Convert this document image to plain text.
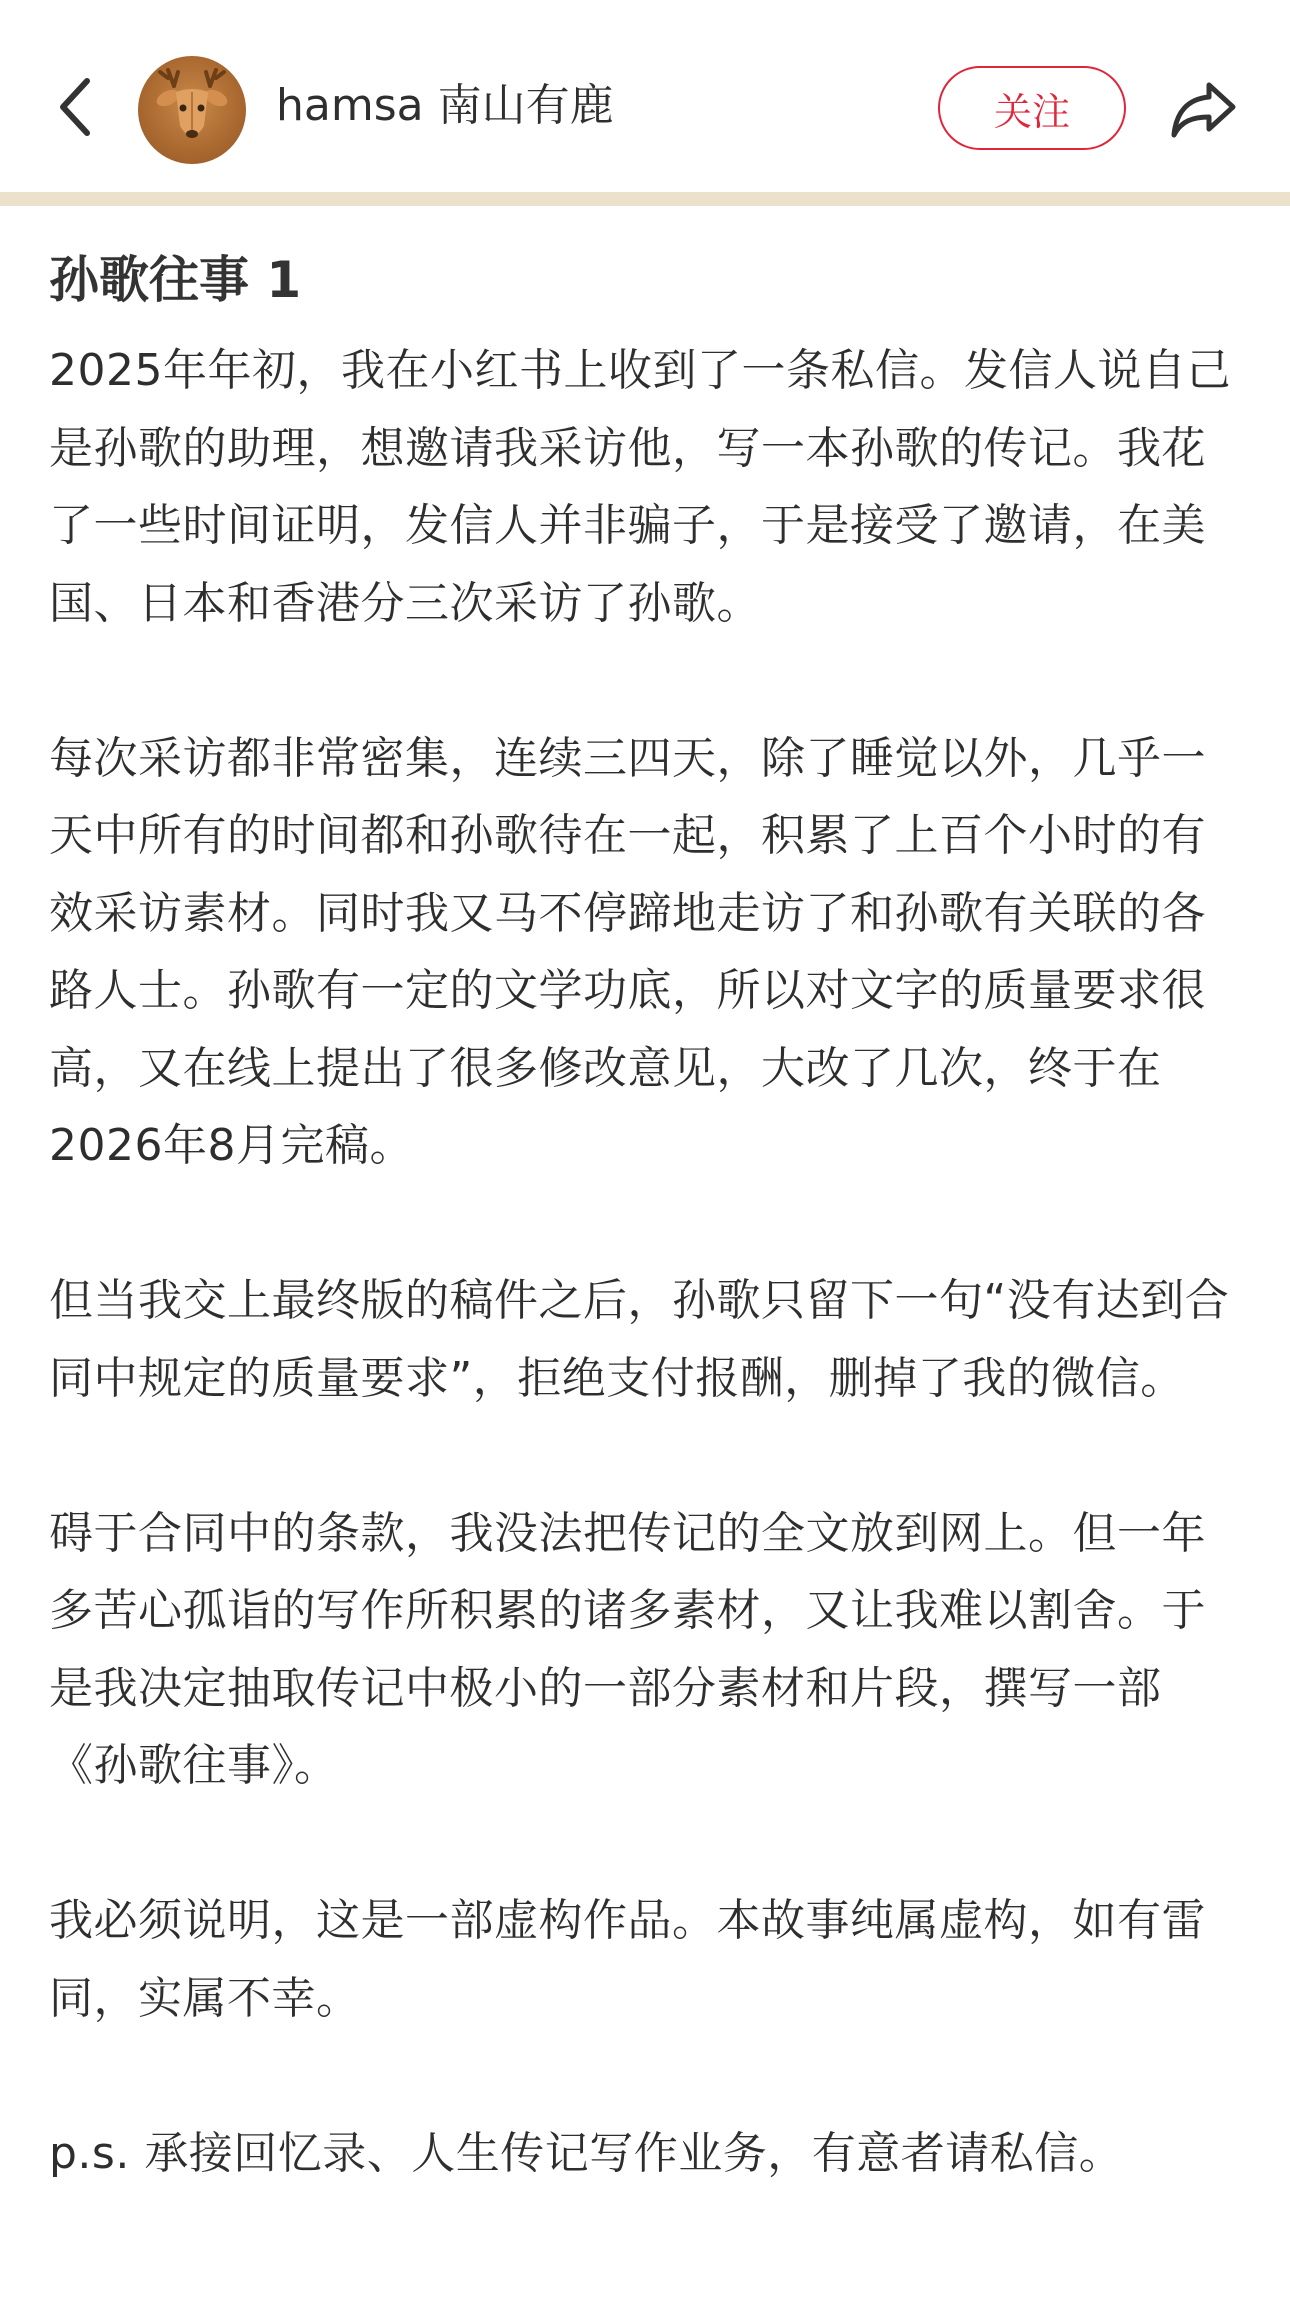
hamsa 南山有鹿	关注
孙歌往事 1
2025年年初，我在小红书上收到了一条私信。发信人说自己是孙歌的助理，想邀请我采访他，写一本孙歌的传记。我花了一些时间证明，发信人并非骗子，于是接受了邀请，在美国、日本和香港分三次采访了孙歌。
每次采访都非常密集，连续三四天，除了睡觉以外，几乎一天中所有的时间都和孙歌待在一起，积累了上百个小时的有效采访素材。同时我又马不停蹄地走访了和孙歌有关联的各路人士。孙歌有一定的文学功底，所以对文字的质量要求很高，又在线上提出了很多修改意见，大改了几次，终于在2026年8月完稿。
但当我交上最终版的稿件之后，孙歌只留下一句“没有达到合同中规定的质量要求”，拒绝支付报酬，删掉了我的微信。
碍于合同中的条款，我没法把传记的全文放到网上。但一年多苦心孤诣的写作所积累的诸多素材，又让我难以割舍。于是我决定抽取传记中极小的一部分素材和片段，撰写一部《孙歌往事》。
我必须说明，这是一部虚构作品。本故事纯属虚构，如有雷同，实属不幸。
p.s. 承接回忆录、人生传记写作业务，有意者请私信。
